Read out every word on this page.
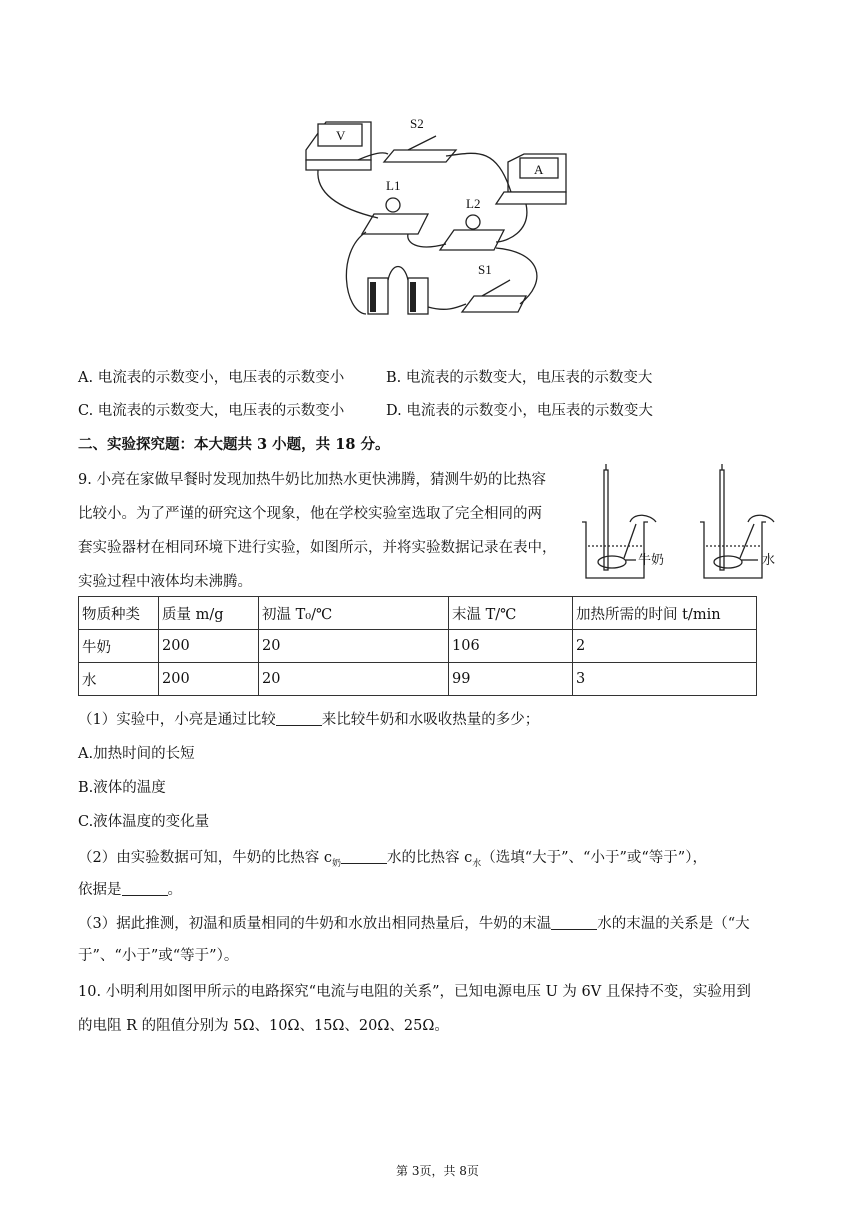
V
S2
A
L1
L2
S1
A. 电流表的示数变小，电压表的示数变小	B. 电流表的示数变大，电压表的示数变大
C. 电流表的示数变大，电压表的示数变小	D. 电流表的示数变小，电压表的示数变大
二、实验探究题：本大题共 3 小题，共 18 分。
9. 小亮在家做早餐时发现加热牛奶比加热水更快沸腾，猜测牛奶的比热容
比较小。为了严谨的研究这个现象，他在学校实验室选取了完全相同的两
套实验器材在相同环境下进行实验，如图所示，并将实验数据记录在表中，
实验过程中液体均未沸腾。
牛奶	水
物质种类	质量 m/g	初温 T₀/℃	末温 T/℃	加热所需的时间 t/min
牛奶	200	20	106	2
水	200	20	99	3
（1）实验中，小亮是通过比较	来比较牛奶和水吸收热量的多少；
A.加热时间的长短
B.液体的温度
C.液体温度的变化量
（2）由实验数据可知，牛奶的比热容 $c_奶$	水的比热容 $c_水$（选填“大于”、“小于”或“等于”），
依据是	。
（3）据此推测，初温和质量相同的牛奶和水放出相同热量后，牛奶的末温	水的末温的关系是（“大
于”、“小于”或“等于”）。
10. 小明利用如图甲所示的电路探究“电流与电阻的关系”，已知电源电压 U 为 6V 且保持不变，实验用到
的电阻 R 的阻值分别为 5Ω、10Ω、15Ω、20Ω、25Ω。
第 3页，共 8页
